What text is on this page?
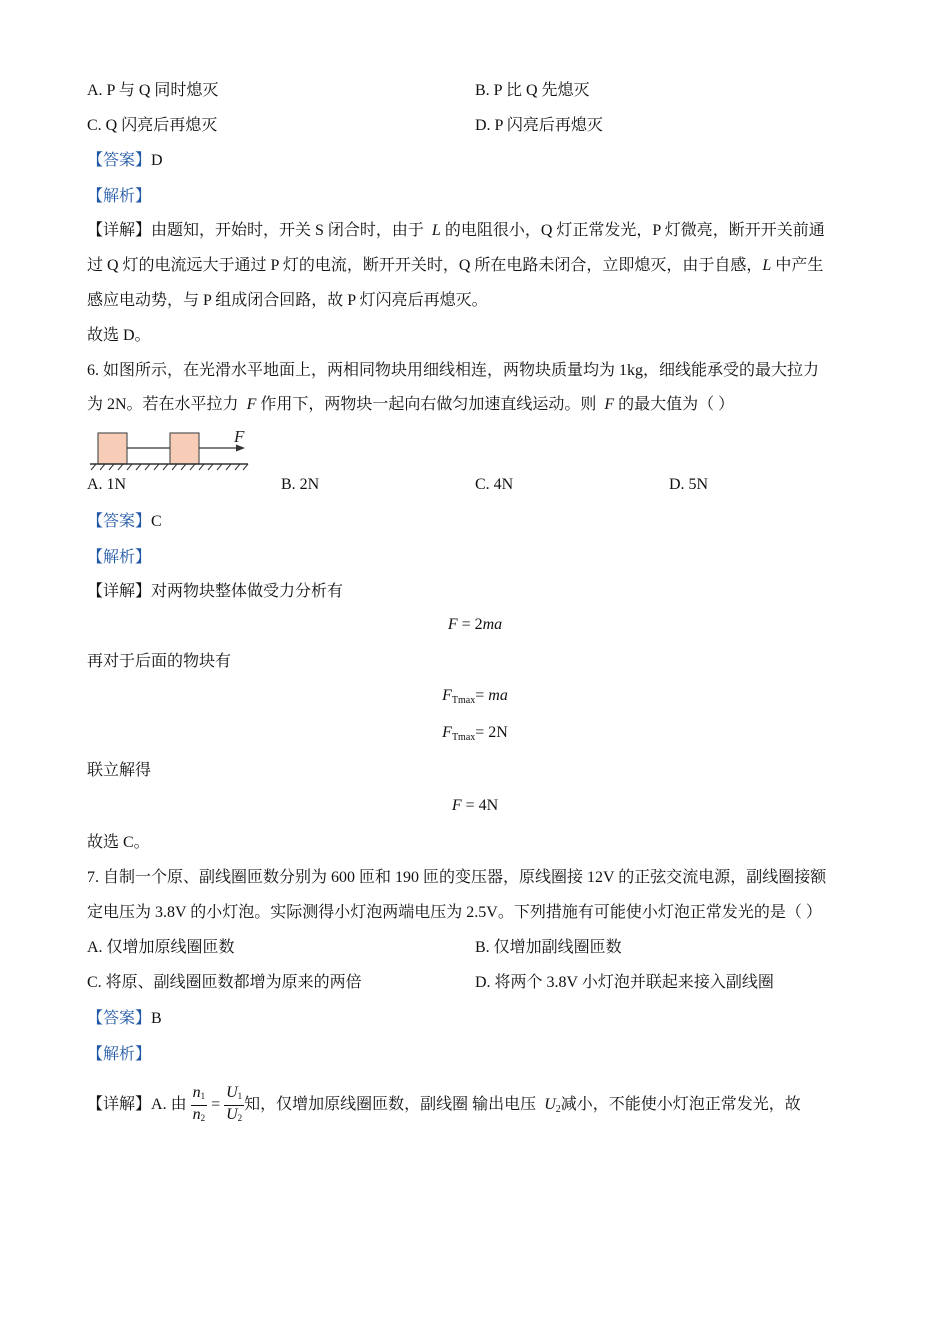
A. P 与 Q 同时熄灭	B. P 比 Q 先熄灭
C. Q 闪亮后再熄灭	D. P 闪亮后再熄灭
【答案】D
【解析】
【详解】由题知，开始时，开关 S 闭合时，由于 L 的电阻很小，Q 灯正常发光，P 灯微亮，断开开关前通
过 Q 灯的电流远大于通过 P 灯的电流，断开开关时，Q 所在电路未闭合，立即熄灭，由于自感，L 中产生
感应电动势，与 P 组成闭合回路，故 P 灯闪亮后再熄灭。
故选 D。
6. 如图所示，在光滑水平地面上，两相同物块用细线相连，两物块质量均为 1kg，细线能承受的最大拉力
为 2N。若在水平拉力 F 作用下，两物块一起向右做匀加速直线运动。则 F 的最大值为（ ）
F
A. 1N	B. 2N	C. 4N	D. 5N
【答案】C
【解析】
【详解】对两物块整体做受力分析有
F = 2ma
再对于后面的物块有
$F_{Tmax}=$ ma
$F_{Tmax}= 2N$
联立解得
F = 4N
故选 C。
7. 自制一个原、副线圈匝数分别为 600 匝和 190 匝的变压器，原线圈接 12V 的正弦交流电源，副线圈接额
定电压为 3.8V 的小灯泡。实际测得小灯泡两端电压为 2.5V。下列措施有可能使小灯泡正常发光的是（ ）
A. 仅增加原线圈匝数	B. 仅增加副线圈匝数
C. 将原、副线圈匝数都增为原来的两倍	D. 将两个 3.8V 小灯泡并联起来接入副线圈
【答案】B
【解析】
【详解】A. 由 $\frac{n_1}{n_2} = \frac{U_1}{U_2}$ 知，仅增加原线圈匝数，副线圈 输出电压 $U_2$减小，不能使小灯泡正常发光，故
